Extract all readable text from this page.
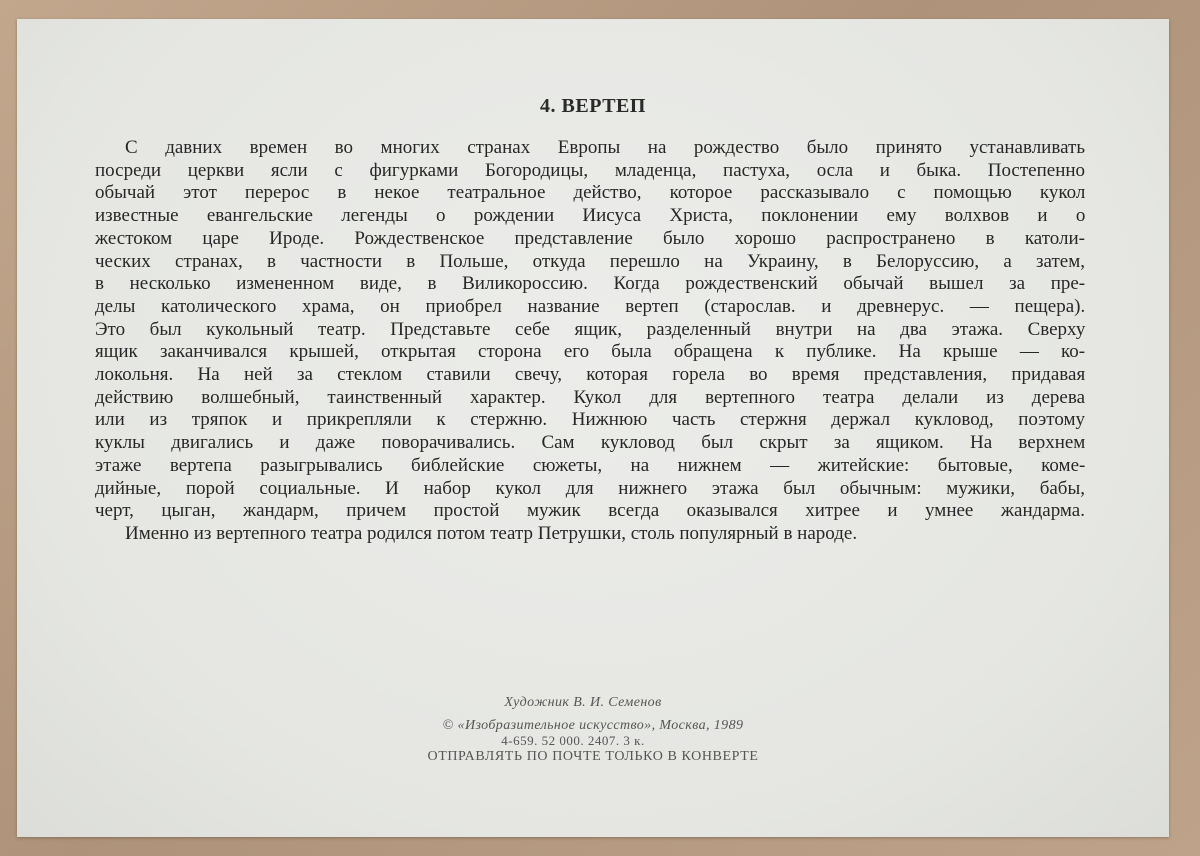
4. ВЕРТЕП
С давних времен во многих странах Европы на рождество было принято устанавливать
посреди церкви ясли с фигурками Богородицы, младенца, пастуха, осла и быка. Постепенно
обычай этот перерос в некое театральное действо, которое рассказывало с помощью кукол
известные евангельские легенды о рождении Иисуса Христа, поклонении ему волхвов и о
жестоком царе Ироде. Рождественское представление было хорошо распространено в католи-
ческих странах, в частности в Польше, откуда перешло на Украину, в Белоруссию, а затем,
в несколько измененном виде, в Виликороссию. Когда рождественский обычай вышел за пре-
делы католического храма, он приобрел название вертеп (старослав. и древнерус. — пещера).
Это был кукольный театр. Представьте себе ящик, разделенный внутри на два этажа. Сверху
ящик заканчивался крышей, открытая сторона его была обращена к публике. На крыше — ко-
локольня. На ней за стеклом ставили свечу, которая горела во время представления, придавая
действию волшебный, таинственный характер. Кукол для вертепного театра делали из дерева
или из тряпок и прикрепляли к стержню. Нижнюю часть стержня держал кукловод, поэтому
куклы двигались и даже поворачивались. Сам кукловод был скрыт за ящиком. На верхнем
этаже вертепа разыгрывались библейские сюжеты, на нижнем — житейские: бытовые, коме-
дийные, порой социальные. И набор кукол для нижнего этажа был обычным: мужики, бабы,
черт, цыган, жандарм, причем простой мужик всегда оказывался хитрее и умнее жандарма.
Именно из вертепного театра родился потом театр Петрушки, столь популярный в народе.
Художник В. И. Семенов
© «Изобразительное искусство», Москва, 1989
4-659. 52 000. 2407. 3 к.
ОТПРАВЛЯТЬ ПО ПОЧТЕ ТОЛЬКО В КОНВЕРТЕ
